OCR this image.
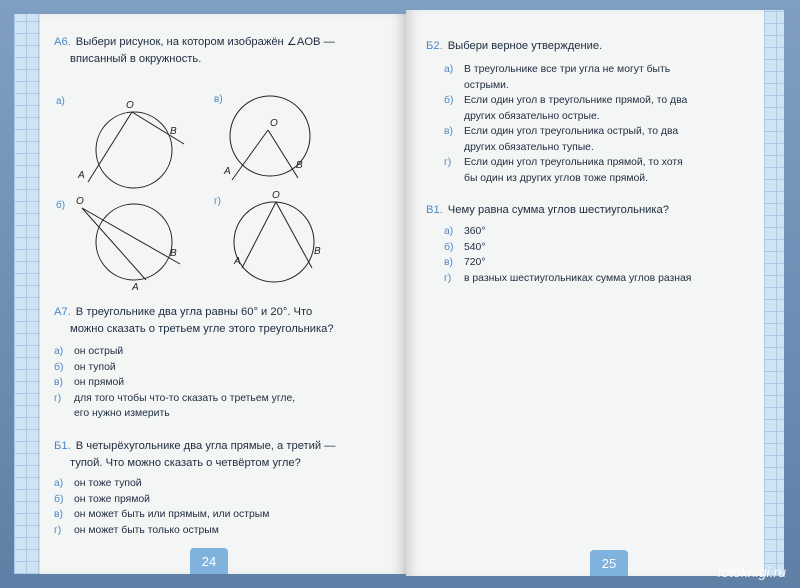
А6. Выбери рисунок, на котором изображён ∠AOB —
вписанный в окружность.
а)	O
B
A
в)
O
A
B
б) O
B
A
г)
O
A
B
А7. В треугольнике два угла равны 60° и 20°. Что
можно сказать о третьем угле этого треугольника?
а)	он острый
б)	он тупой
в)	он прямой
г)	для того чтобы что-то сказать о третьем угле,
его нужно измерить
Б1. В четырёхугольнике два угла прямые, а третий —
тупой. Что можно сказать о четвёртом угле?
а)	он тоже тупой
б)	он тоже прямой
в)	он может быть или прямым, или острым
г)	он может быть только острым
24
Б2. Выбери верное утверждение.
а)	В треугольнике все три угла не могут быть
острыми.
б)	Если один угол в треугольнике прямой, то два
других обязательно острые.
в)	Если один угол треугольника острый, то два
других обязательно тупые.
г)	Если один угол треугольника прямой, то хотя
бы один из других углов тоже прямой.
В1. Чему равна сумма углов шестиугольника?
а)	360°
б)	540°
в)	720°
г)	в разных шестиугольниках сумма углов разная
25
fotoknigi.ru
